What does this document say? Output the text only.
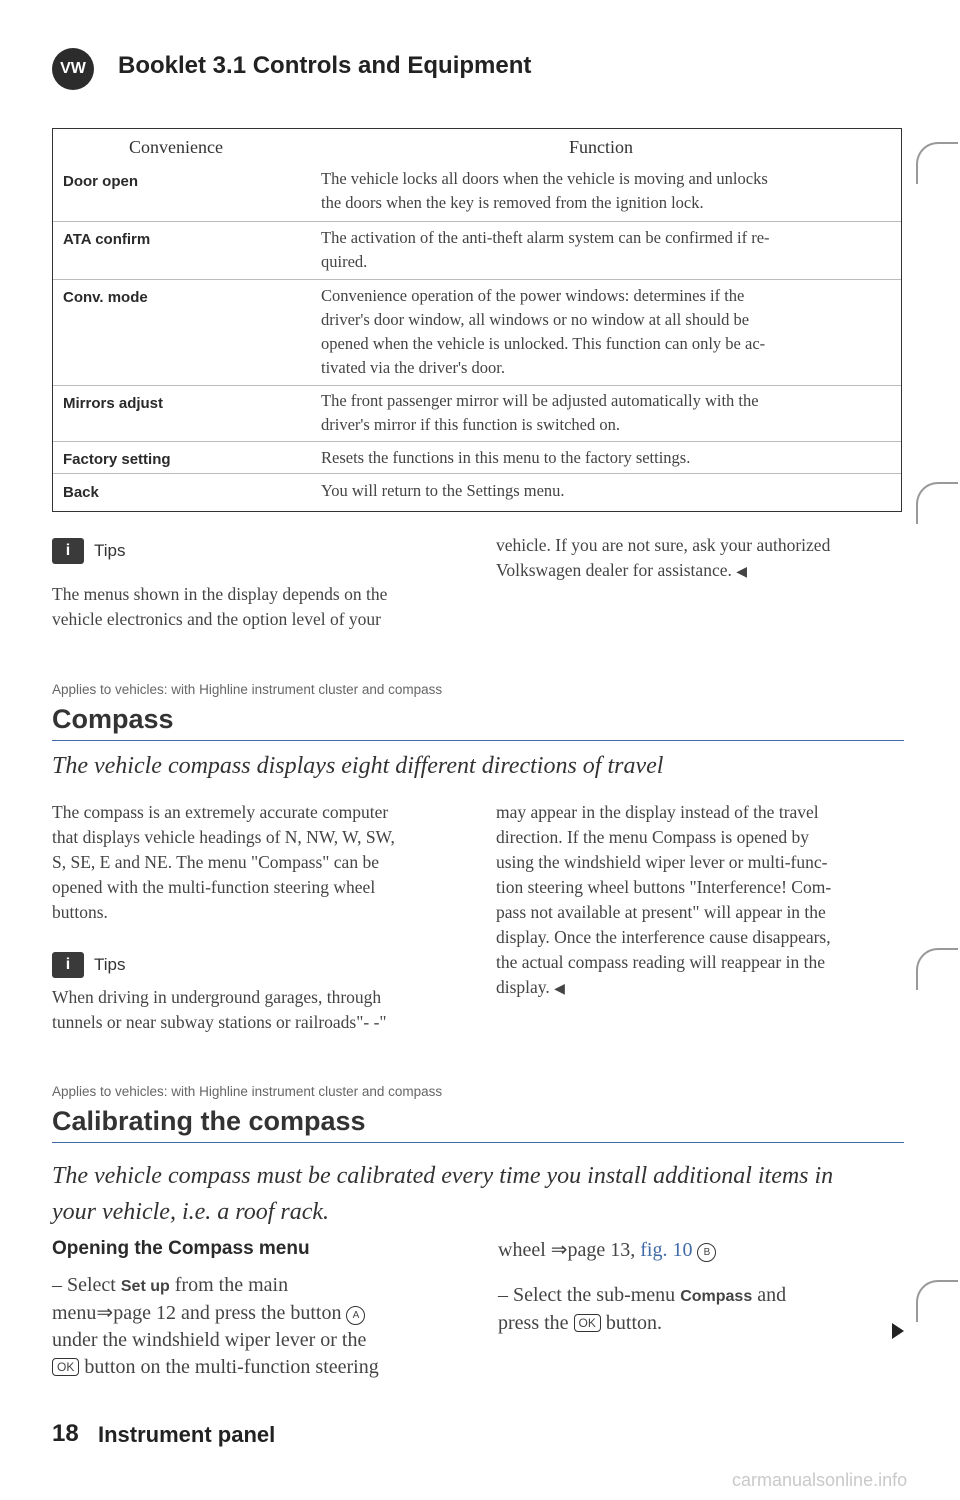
VW	Booklet 3.1 Controls and Equipment
Convenience	Function
Door open	The vehicle locks all doors when the vehicle is moving and unlocks
the doors when the key is removed from the ignition lock.
ATA confirm	The activation of the anti-theft alarm system can be confirmed if re-
quired.
Conv. mode	Convenience operation of the power windows: determines if the
driver's door window, all windows or no window at all should be
opened when the vehicle is unlocked. This function can only be ac-
tivated via the driver's door.
Mirrors adjust	The front passenger mirror will be adjusted automatically with the
driver's mirror if this function is switched on.
Factory setting	Resets the functions in this menu to the factory settings.
Back	You will return to the Settings menu.
i	Tips
The menus shown in the display depends on the
vehicle electronics and the option level of your
vehicle. If you are not sure, ask your authorized
Volkswagen dealer for assistance. ◀
Applies to vehicles: with Highline instrument cluster and compass
Compass
The vehicle compass displays eight different directions of travel
The compass is an extremely accurate computer
that displays vehicle headings of N, NW, W, SW,
S, SE, E and NE. The menu "Compass" can be
opened with the multi-function steering wheel
buttons.
i	Tips
When driving in underground garages, through
tunnels or near subway stations or railroads"- -"
may appear in the display instead of the travel
direction. If the menu Compass is opened by
using the windshield wiper lever or multi-func-
tion steering wheel buttons "Interference! Com-
pass not available at present" will appear in the
display. Once the interference cause disappears,
the actual compass reading will reappear in the
display. ◀
Applies to vehicles: with Highline instrument cluster and compass
Calibrating the compass
The vehicle compass must be calibrated every time you install additional items in
your vehicle, i.e. a roof rack.
Opening the Compass menu
– Select Set up from the main
menu⇒page 12 and press the button A
under the windshield wiper lever or the
OK button on the multi-function steering
wheel ⇒page 13, fig. 10 B
– Select the sub-menu Compass and
press the OK button.
18 Instrument panel
carmanualsonline.info
